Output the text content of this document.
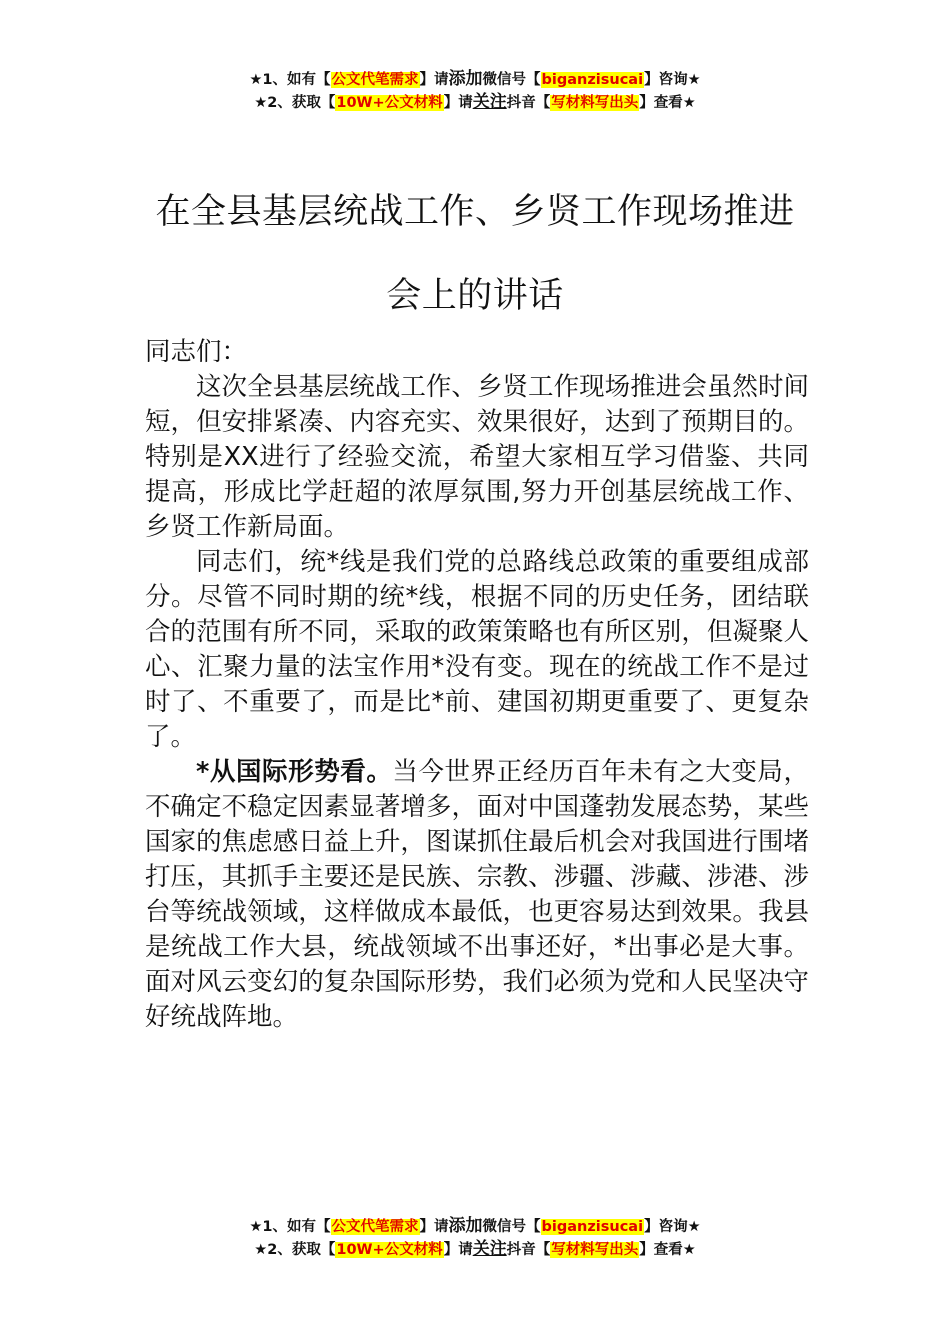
★1、如有【公文代笔需求】请添加微信号【biganzisucai】咨询★
★2、获取【10W+公文材料】请关注抖音【写材料写出头】查看★
在全县基层统战工作、乡贤工作现场推进
会上的讲话

同志们：

这次全县基层统战工作、乡贤工作现场推进会虽然时间短，但安排紧凑、内容充实、效果很好，达到了预期目的。特别是XX进行了经验交流，希望大家相互学习借鉴、共同提高，形成比学赶超的浓厚氛围,努力开创基层统战工作、乡贤工作新局面。

同志们，统*线是我们党的总路线总政策的重要组成部分。尽管不同时期的统*线，根据不同的历史任务，团结联合的范围有所不同，采取的政策策略也有所区别，但凝聚人心、汇聚力量的法宝作用*没有变。现在的统战工作不是过时了、不重要了，而是比*前、建国初期更重要了、更复杂了。

*从国际形势看。当今世界正经历百年未有之大变局，不确定不稳定因素显著增多，面对中国蓬勃发展态势，某些国家的焦虑感日益上升，图谋抓住最后机会对我国进行围堵打压，其抓手主要还是民族、宗教、涉疆、涉藏、涉港、涉台等统战领域，这样做成本最低，也更容易达到效果。我县是统战工作大县，统战领域不出事还好，*出事必是大事。面对风云变幻的复杂国际形势，我们必须为党和人民坚决守好统战阵地。

★1、如有【公文代笔需求】请添加微信号【biganzisucai】咨询★
★2、获取【10W+公文材料】请关注抖音【写材料写出头】查看★
